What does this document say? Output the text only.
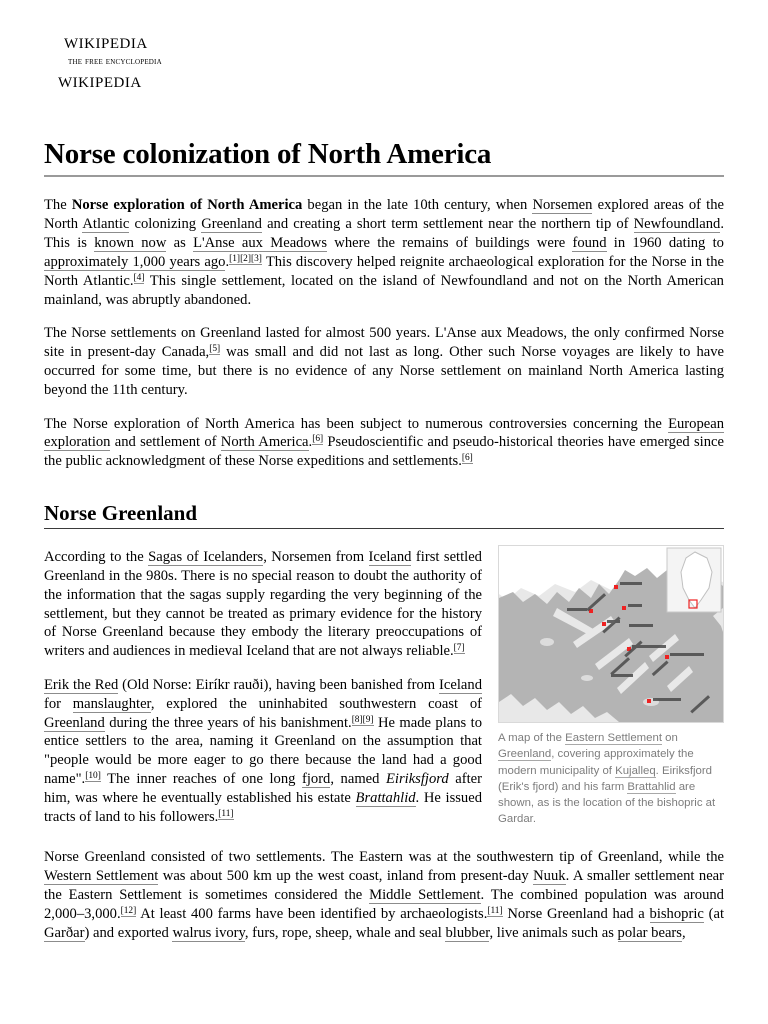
wikipedia
the free encyclopedia
wikipedia
Norse colonization of North America

The Norse exploration of North America began in the late 10th century, when Norsemen explored areas of the North Atlantic colonizing Greenland and creating a short term settlement near the northern tip of Newfoundland. This is known now as L'Anse aux Meadows where the remains of buildings were found in 1960 dating to approximately 1,000 years ago.[1][2][3] This discovery helped reignite archaeological exploration for the Norse in the North Atlantic.[4] This single settlement, located on the island of Newfoundland and not on the North American mainland, was abruptly abandoned.

The Norse settlements on Greenland lasted for almost 500 years. L'Anse aux Meadows, the only confirmed Norse site in present-day Canada,[5] was small and did not last as long. Other such Norse voyages are likely to have occurred for some time, but there is no evidence of any Norse settlement on mainland North America lasting beyond the 11th century.

The Norse exploration of North America has been subject to numerous controversies concerning the European exploration and settlement of North America.[6] Pseudoscientific and pseudo-historical theories have emerged since the public acknowledgment of these Norse expeditions and settlements.[6]

Norse Greenland
A map of the Eastern Settlement on Greenland, covering approximately the modern municipality of Kujalleq. Eiriksfjord (Erik's fjord) and his farm Brattahlid are shown, as is the location of the bishopric at Gardar.

According to the Sagas of Icelanders, Norsemen from Iceland first settled Greenland in the 980s. There is no special reason to doubt the authority of the information that the sagas supply regarding the very beginning of the settlement, but they cannot be treated as primary evidence for the history of Norse Greenland because they embody the literary preoccupations of writers and audiences in medieval Iceland that are not always reliable.[7]

Erik the Red (Old Norse: Eiríkr rauði), having been banished from Iceland for manslaughter, explored the uninhabited southwestern coast of Greenland during the three years of his banishment.[8][9] He made plans to entice settlers to the area, naming it Greenland on the assumption that "people would be more eager to go there because the land had a good name".[10] The inner reaches of one long fjord, named Eiriksfjord after him, was where he eventually established his estate Brattahlid. He issued tracts of land to his followers.[11]

Norse Greenland consisted of two settlements. The Eastern was at the southwestern tip of Greenland, while the Western Settlement was about 500 km up the west coast, inland from present-day Nuuk. A smaller settlement near the Eastern Settlement is sometimes considered the Middle Settlement. The combined population was around 2,000–3,000.[12] At least 400 farms have been identified by archaeologists.[11] Norse Greenland had a bishopric (at Garðar) and exported walrus ivory, furs, rope, sheep, whale and seal blubber, live animals such as polar bears,
